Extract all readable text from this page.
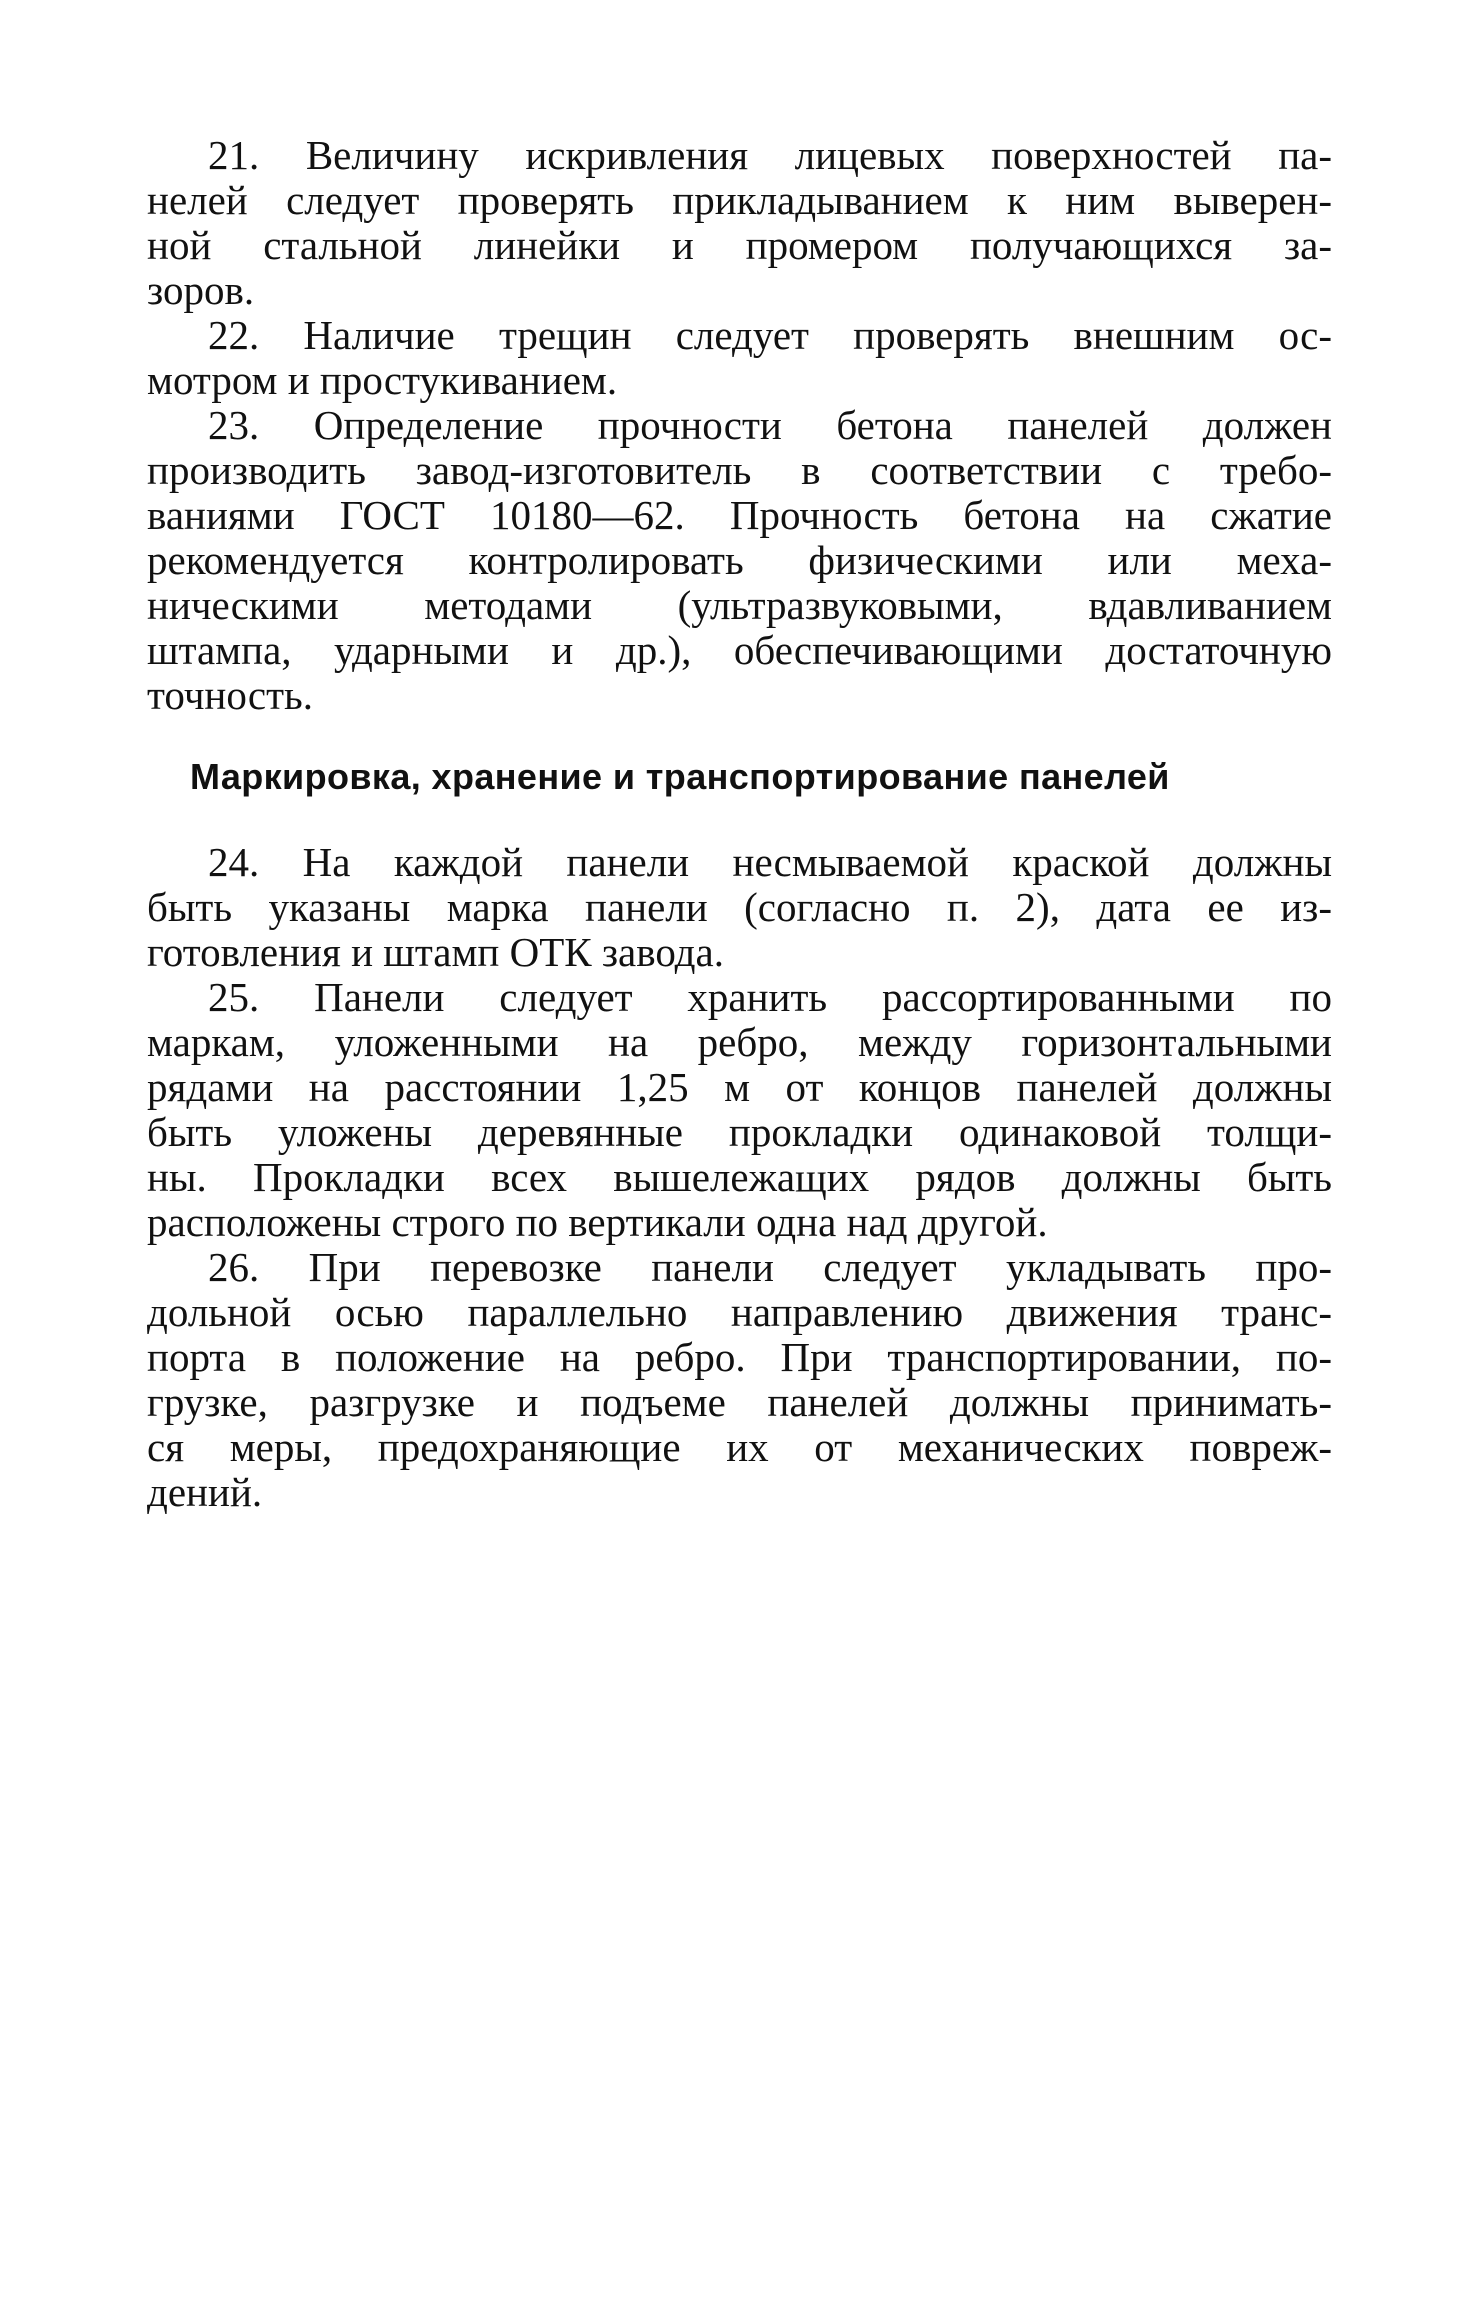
21. Величину искривления лицевых поверхностей па-
нелей следует проверять прикладыванием к ним выверен-
ной стальной линейки и промером получающихся за-
зоров.

22. Наличие трещин следует проверять внешним ос-
мотром и простукиванием.

23. Определение прочности бетона панелей должен
производить завод-изготовитель в соответствии с требо-
ваниями ГОСТ 10180—62. Прочность бетона на сжатие
рекомендуется контролировать физическими или меха-
ническими методами (ультразвуковыми, вдавливанием
штампа, ударными и др.), обеспечивающими достаточную
точность.

Маркировка, хранение и транспортирование панелей

24. На каждой панели несмываемой краской должны
быть указаны марка панели (согласно п. 2), дата ее из-
готовления и штамп ОТК завода.

25. Панели следует хранить рассортированными по
маркам, уложенными на ребро, между горизонтальными
рядами на расстоянии 1,25 м от концов панелей должны
быть уложены деревянные прокладки одинаковой толщи-
ны. Прокладки всех вышележащих рядов должны быть
расположены строго по вертикали одна над другой.

26. При перевозке панели следует укладывать про-
дольной осью параллельно направлению движения транс-
порта в положение на ребро. При транспортировании, по-
грузке, разгрузке и подъеме панелей должны принимать-
ся меры, предохраняющие их от механических повреж-
дений.
